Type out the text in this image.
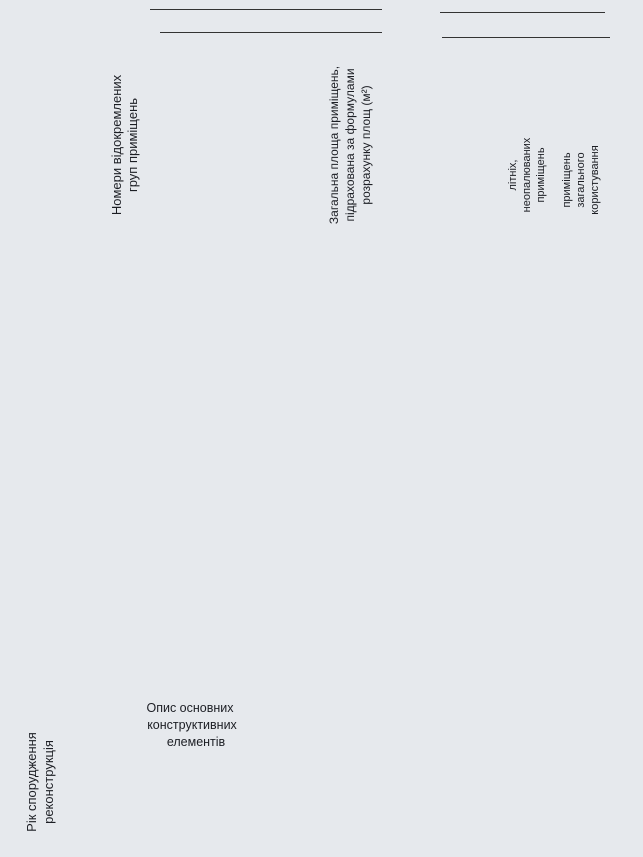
Номери відокремлених груп приміщень	Загальна площа приміщень, підрахована за формулами розрахунку площ (м²)	літніх, неопалюваних приміщень приміщень загального користування
Рік спорудження реконструкція
Опис основних
конструктивних
елементів
